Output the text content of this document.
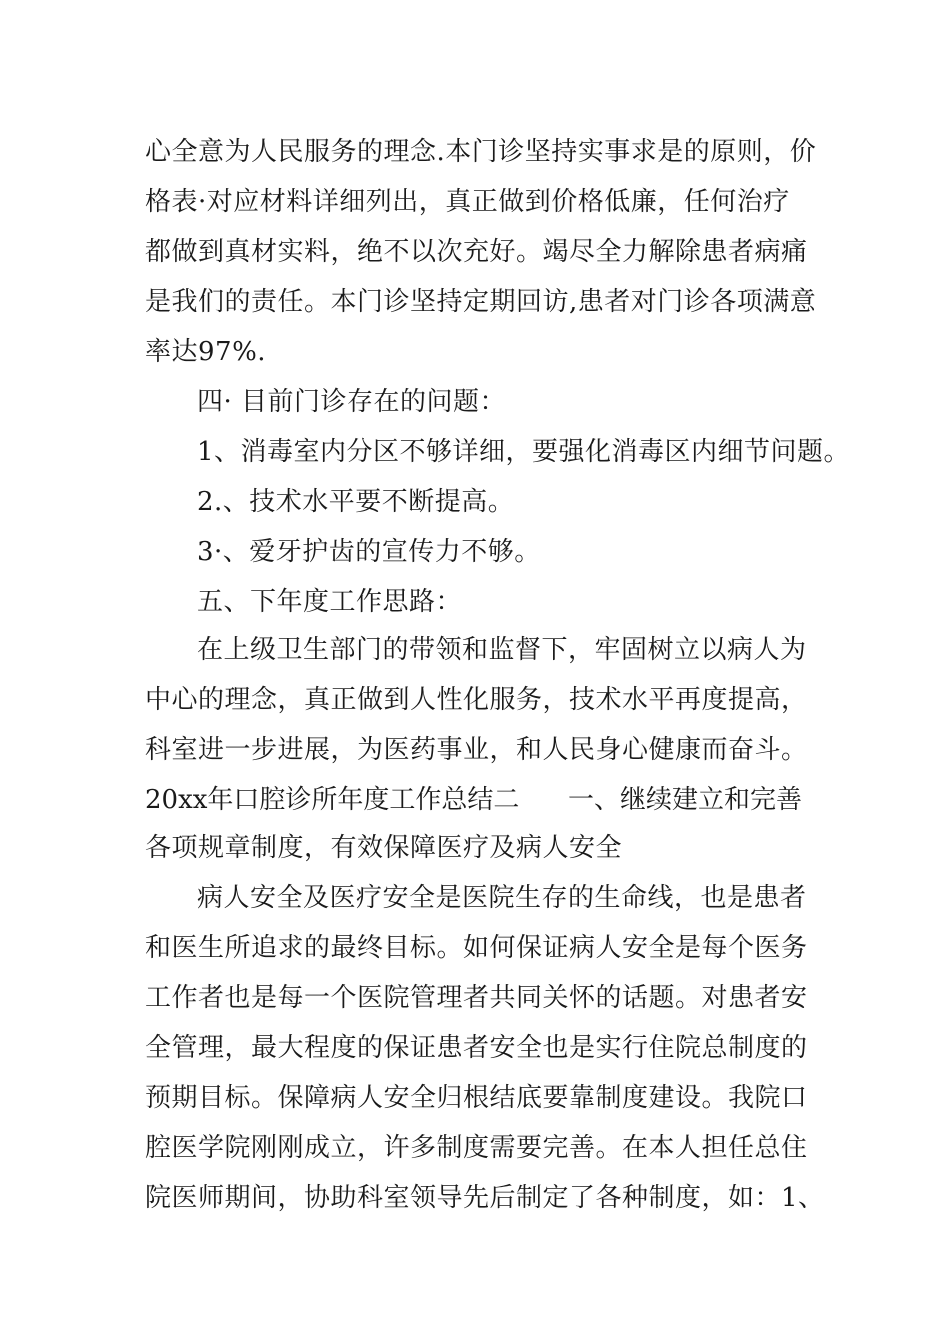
心全意为人民服务的理念.本门诊坚持实事求是的原则，价
格表·对应材料详细列出，真正做到价格低廉，任何治疗
都做到真材实料，绝不以次充好。竭尽全力解除患者病痛
是我们的责任。本门诊坚持定期回访,患者对门诊各项满意
率达97%.
四· 目前门诊存在的问题：
1、消毒室内分区不够详细，要强化消毒区内细节问题。
2.、技术水平要不断提高。
3·、爱牙护齿的宣传力不够。
五、下年度工作思路：
在上级卫生部门的带领和监督下，牢固树立以病人为
中心的理念，真正做到人性化服务，技术水平再度提高，
科室进一步进展，为医药事业，和人民身心健康而奋斗。
20xx年口腔诊所年度工作总结二 一、继续建立和完善
各项规章制度，有效保障医疗及病人安全
病人安全及医疗安全是医院生存的生命线，也是患者
和医生所追求的最终目标。如何保证病人安全是每个医务
工作者也是每一个医院管理者共同关怀的话题。对患者安
全管理，最大程度的保证患者安全也是实行住院总制度的
预期目标。保障病人安全归根结底要靠制度建设。我院口
腔医学院刚刚成立，许多制度需要完善。在本人担任总住
院医师期间，协助科室领导先后制定了各种制度，如：1、
